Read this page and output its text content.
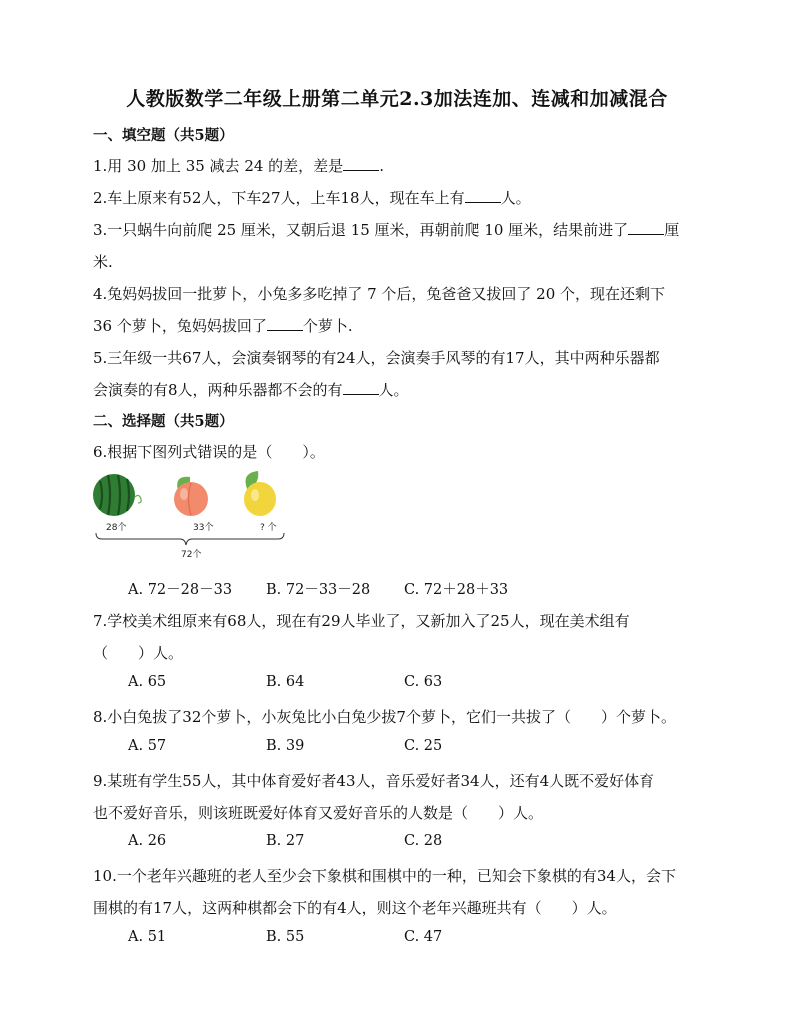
人教版数学二年级上册第二单元2.3加法连加、连减和加减混合
一、填空题（共5题）
1.用 30 加上 35 减去 24 的差，差是 .
2.车上原来有52人，下车27人，上车18人，现在车上有 人。
3.一只蜗牛向前爬 25 厘米，又朝后退 15 厘米，再朝前爬 10 厘米，结果前进了 厘
米.
4.兔妈妈拔回一批萝卜，小兔多多吃掉了 7 个后，兔爸爸又拔回了 20 个，现在还剩下
36 个萝卜，兔妈妈拔回了 个萝卜.
5.三年级一共67人，会演奏钢琴的有24人，会演奏手风琴的有17人，其中两种乐器都
会演奏的有8人，两种乐器都不会的有 人。
二、选择题（共5题）
6.根据下图列式错误的是（　　）。
28个	33个	? 个
72个
A. 72－28－33 B. 72－33－28 C. 72＋28＋33
7.学校美术组原来有68人，现在有29人毕业了，又新加入了25人，现在美术组有
（　　）人。
A. 65	B. 64	C. 63
8.小白兔拔了32个萝卜，小灰兔比小白兔少拔7个萝卜，它们一共拔了（　　）个萝卜。
A. 57	B. 39	C. 25
9.某班有学生55人，其中体育爱好者43人，音乐爱好者34人，还有4人既不爱好体育
也不爱好音乐，则该班既爱好体育又爱好音乐的人数是（　　）人。
A. 26	B. 27	C. 28
10.一个老年兴趣班的老人至少会下象棋和围棋中的一种，已知会下象棋的有34人，会下
围棋的有17人，这两种棋都会下的有4人，则这个老年兴趣班共有（　　）人。
A. 51	B. 55	C. 47
